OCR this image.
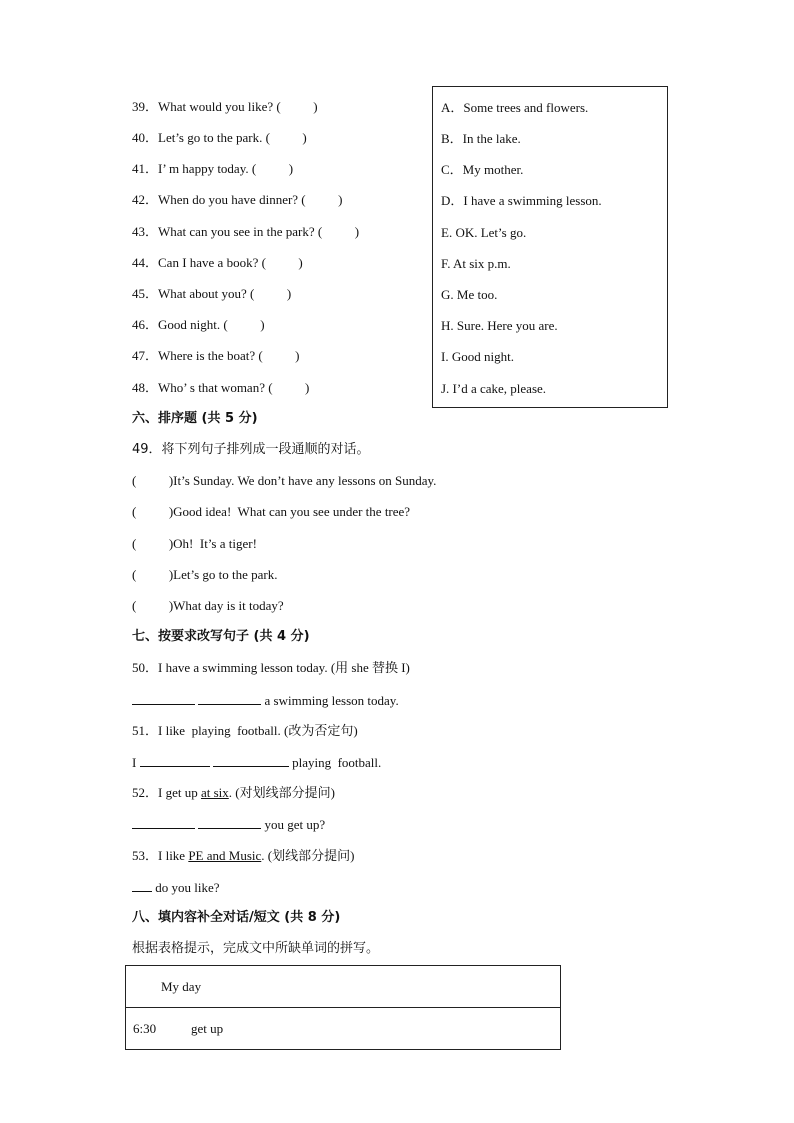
39．What would you like? (          )
40．Let’s go to the park. (          )
41．I’ m happy today. (          )
42．When do you have dinner? (          )
43．What can you see in the park? (          )
44．Can I have a book? (          )
45．What about you? (          )
46．Good night. (          )
47．Where is the boat? (          )
48．Who’ s that woman? (          )
A．Some trees and flowers.
B．In the lake.
C．My mother.
D．I have a swimming lesson.
E. OK. Let’s go.
F. At six p.m.
G. Me too.
H. Sure. Here you are.
I. Good night.
J. I’d a cake, please.
六、排序题 (共 5 分)
49．将下列句子排列成一段通顺的对话。
(          )It’s Sunday. We don’t have any lessons on Sunday.
(          )Good idea!  What can you see under the tree?
(          )Oh!  It’s a tiger!
(          )Let’s go to the park.
(          )What day is it today?
七、按要求改写句子 (共 4 分)
50．I have a swimming lesson today. (用 she 替换 I)
a swimming lesson today.
51．I like  playing  football. (改为否定句)
I	playing  football.
52．I get up at six. (对划线部分提问)
you get up?
53．I like PE and Music. (划线部分提问)
do you like?
八、填内容补全对话/短文 (共 8 分)
根据表格提示，完成文中所缺单词的拼写。
My day
6:30	get up
